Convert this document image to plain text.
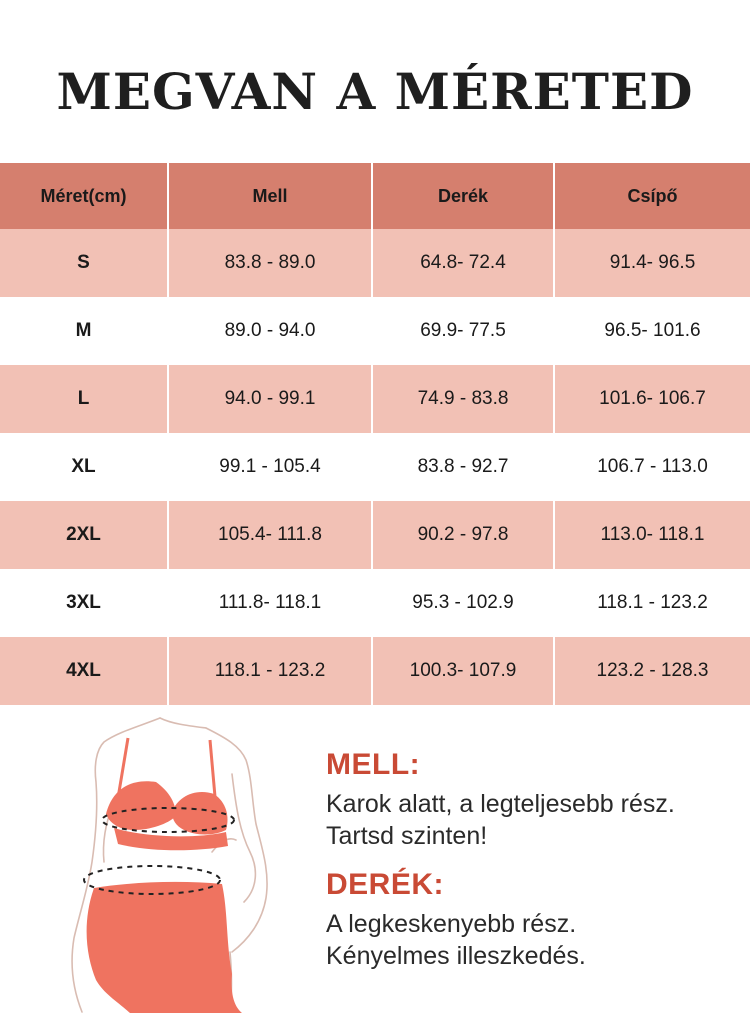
MEGVAN A MÉRETED
Méret(cm)	Mell	Derék	Csípő
S	83.8 - 89.0	64.8- 72.4	91.4- 96.5
M	89.0 - 94.0	69.9- 77.5	96.5- 101.6
L	94.0 - 99.1	74.9 - 83.8	101.6- 106.7
XL	99.1 - 105.4	83.8 - 92.7	106.7 - 113.0
2XL	105.4- 111.8	90.2 - 97.8	113.0- 118.1
3XL	111.8- 118.1	95.3 - 102.9	118.1 - 123.2
4XL	118.1 - 123.2	100.3- 107.9	123.2 - 128.3

MELL:

Karok alatt, a legteljesebb rész.

Tartsd szinten!

DERÉK:

A legkeskenyebb rész.

Kényelmes illeszkedés.
